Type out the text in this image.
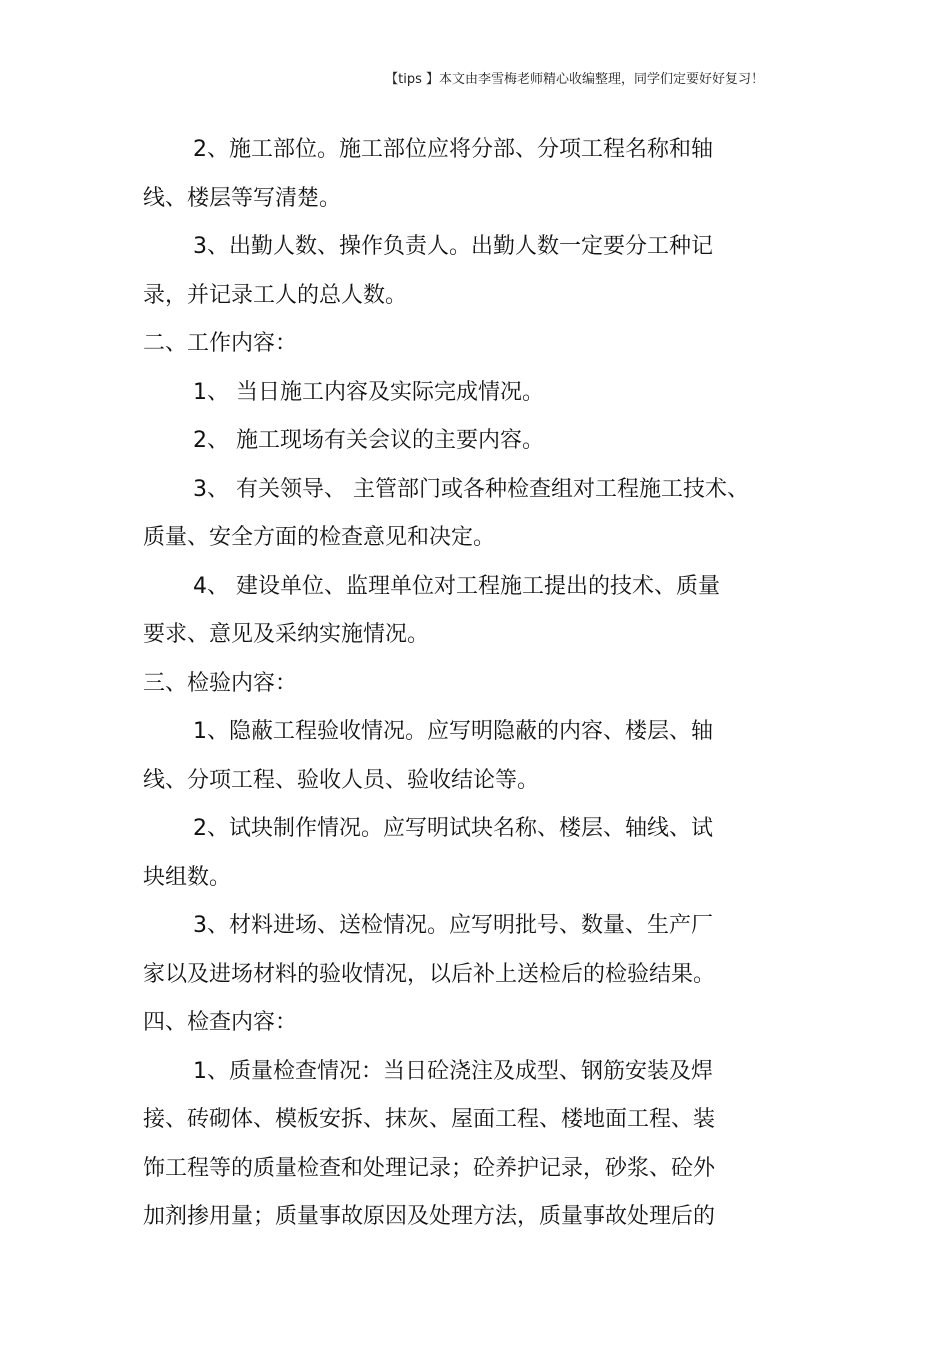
【tips 】本文由李雪梅老师精心收编整理，同学们定要好好复习！
2、施工部位。施工部位应将分部、分项工程名称和轴
线、楼层等写清楚。
3、出勤人数、操作负责人。出勤人数一定要分工种记
录，并记录工人的总人数。
二、工作内容：
1、 当日施工内容及实际完成情况。
2、 施工现场有关会议的主要内容。
3、 有关领导、 主管部门或各种检查组对工程施工技术、
质量、安全方面的检查意见和决定。
4、 建设单位、监理单位对工程施工提出的技术、质量
要求、意见及采纳实施情况。
三、检验内容：
1、隐蔽工程验收情况。应写明隐蔽的内容、楼层、轴
线、分项工程、验收人员、验收结论等。
2、试块制作情况。应写明试块名称、楼层、轴线、试
块组数。
3、材料进场、送检情况。应写明批号、数量、生产厂
家以及进场材料的验收情况，以后补上送检后的检验结果。
四、检查内容：
1、质量检查情况：当日砼浇注及成型、钢筋安装及焊
接、砖砌体、模板安拆、抹灰、屋面工程、楼地面工程、装
饰工程等的质量检查和处理记录；砼养护记录，砂浆、砼外
加剂掺用量；质量事故原因及处理方法，质量事故处理后的
